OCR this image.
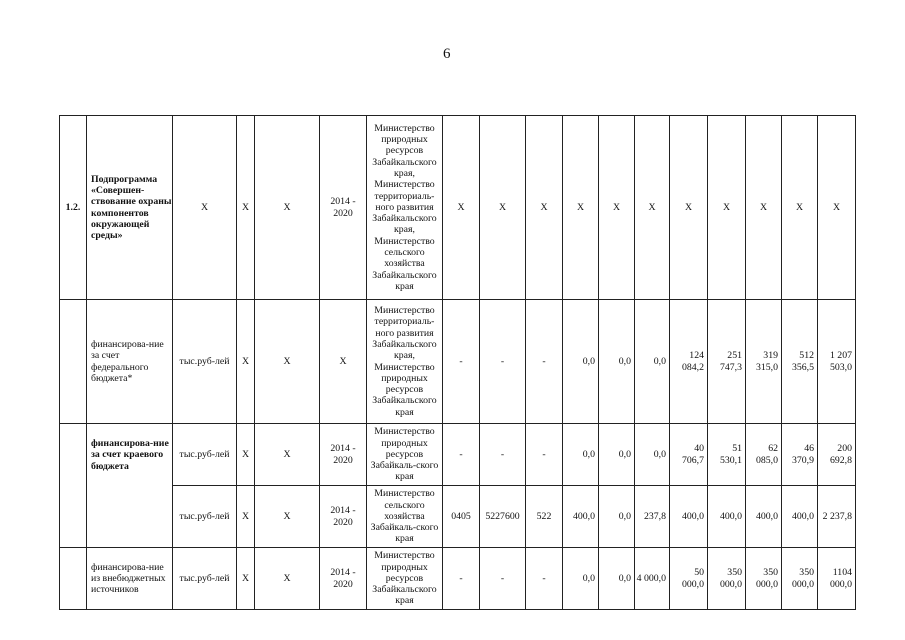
6
1.2.	Подпрограмма «Совершен-ствование охраны компонентов окружающей среды»	Х	Х	Х	2014 - 2020	Министерство природных ресурсов Забайкальского края, Министерство территориаль-ного развития Забайкальского края, Министерство сельского хозяйства Забайкальского края	Х	Х	Х	Х	Х	Х	Х	Х	Х	Х	Х
	финансирова-ние за счет федерального бюджета*	тыс.руб-лей	Х	Х	Х	Министерство территориаль-ного развития Забайкальского края, Министерство природных ресурсов Забайкальского края	-	-	-	0,0	0,0	0,0	124 084,2	251 747,3	319 315,0	512 356,5	1 207 503,0
	финансирова-ние за счет краевого бюджета	тыс.руб-лей	Х	Х	2014 - 2020	Министерство природных ресурсов Забайкаль-ского края	-	-	-	0,0	0,0	0,0	40 706,7	51 530,1	62 085,0	46 370,9	200 692,8
		тыс.руб-лей	Х	Х	2014 - 2020	Министерство сельского хозяйства Забайкаль-ского края	0405	5227600	522	400,0	0,0	237,8	400,0	400,0	400,0	400,0	2 237,8
	финансирова-ние из внебюджетных источников	тыс.руб-лей	Х	Х	2014 - 2020	Министерство природных ресурсов Забайкальского края	-	-	-	0,0	0,0	4 000,0	50 000,0	350 000,0	350 000,0	350 000,0	1104 000,0
